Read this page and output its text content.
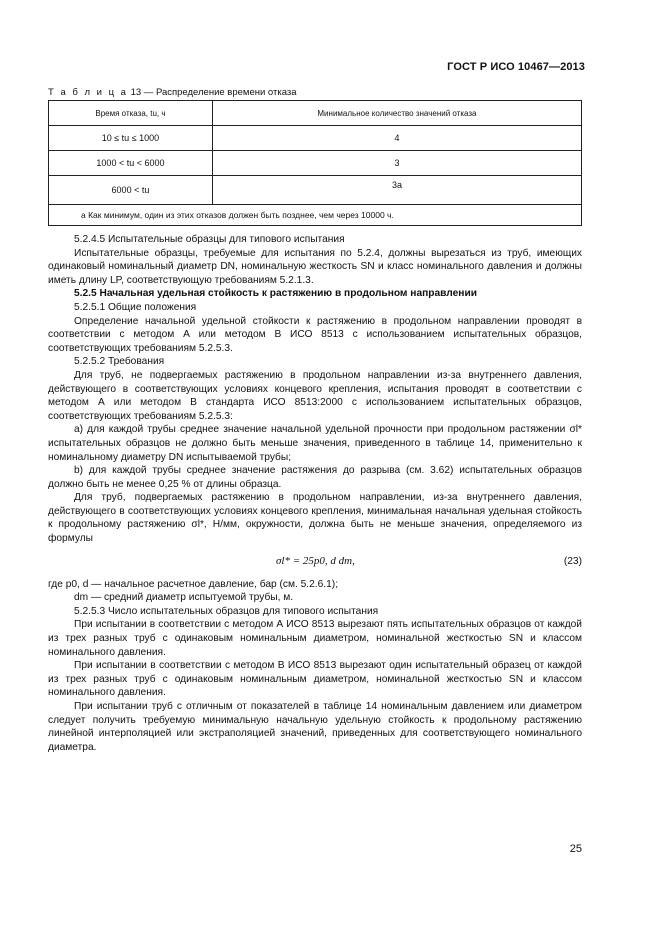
ГОСТ Р ИСО 10467—2013
Т а б л и ц а 13 — Распределение времени отказа
Время отказа, tu, ч	Минимальное количество значений отказа
10 ≤ tu ≤ 1000	4
1000 < tu < 6000	3
6000 < tu	3a
a Как минимум, один из этих отказов должен быть позднее, чем через 10000 ч.	

5.2.4.5 Испытательные образцы для типового испытания

Испытательные образцы, требуемые для испытания по 5.2.4, должны вырезаться из труб, имеющих одинаковый номинальный диаметр DN, номинальную жесткость SN и класс номинального давления и должны иметь длину LP, соответствующую требованиям 5.2.1.3.

5.2.5 Начальная удельная стойкость к растяжению в продольном направлении

5.2.5.1 Общие положения

Определение начальной удельной стойкости к растяжению в продольном направлении проводят в соответствии с методом А или методом В ИСО 8513 с использованием испытательных образцов, соответствующих требованиям 5.2.5.3.

5.2.5.2 Требования

Для труб, не подвергаемых растяжению в продольном направлении из-за внутреннего давления, действующего в соответствующих условиях концевого крепления, испытания проводят в соответствии с методом А или методом В стандарта ИСО 8513:2000 с использованием испытательных образцов, соответствующих требованиям 5.2.5.3:

а) для каждой трубы среднее значение начальной удельной прочности при продольном растяжении σl* испытательных образцов не должно быть меньше значения, приведенного в таблице 14, применительно к номинальному диаметру DN испытываемой трубы;

b) для каждой трубы среднее значение растяжения до разрыва (см. 3.62) испытательных образцов должно быть не менее 0,25 % от длины образца.

Для труб, подвергаемых растяжению в продольном направлении, из-за внутреннего давления, действующего в соответствующих условиях концевого крепления, минимальная начальная удельная стойкость к продольному растяжению σl*, Н/мм, окружности, должна быть не меньше значения, определяемого из формулы

σl* = 25p0, d dm,	(23)

где p0, d — начальное расчетное давление, бар (см. 5.2.6.1);

dm — средний диаметр испытуемой трубы, м.

5.2.5.3 Число испытательных образцов для типового испытания

При испытании в соответствии с методом А ИСО 8513 вырезают пять испытательных образцов от каждой из трех разных труб с одинаковым номинальным диаметром, номинальной жесткостью SN и классом номинального давления.

При испытании в соответствии с методом В ИСО 8513 вырезают один испытательный образец от каждой из трех разных труб с одинаковым номинальным диаметром, номинальной жесткостью SN и классом номинального давления.

При испытании труб с отличным от показателей в таблице 14 номинальным давлением или диаметром следует получить требуемую минимальную начальную удельную стойкость к продольному растяжению линейной интерполяцией или экстраполяцией значений, приведенных для соответствующего номинального диаметра.

25
